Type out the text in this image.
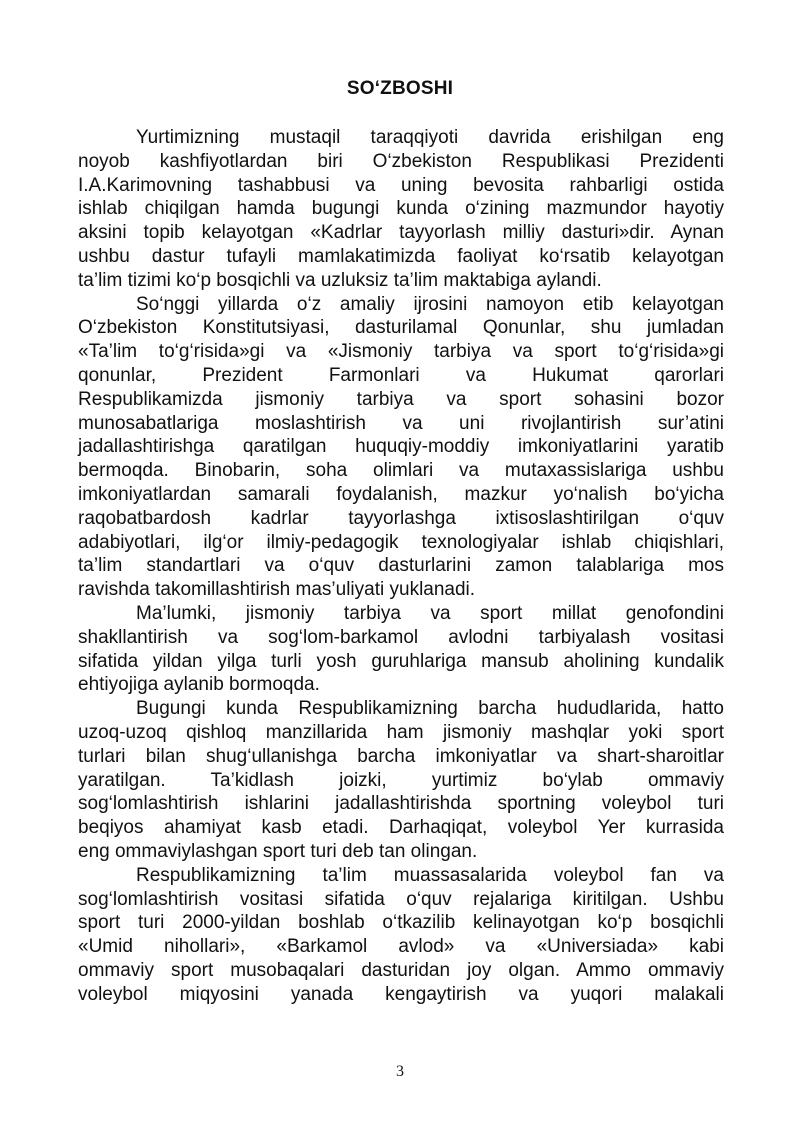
SO‘ZBOSHI
Yurtimizning mustaqil taraqqiyoti davrida erishilgan eng
noyob kashfiyotlardan biri O‘zbekiston Respublikasi Prezidenti
I.A.Karimovning tashabbusi va uning bevosita rahbarligi ostida
ishlab chiqilgan hamda bugungi kunda o‘zining mazmundor hayotiy
aksini topib kelayotgan «Kadrlar tayyorlash milliy dasturi»dir. Aynan
ushbu dastur tufayli mamlakatimizda faoliyat ko‘rsatib kelayotgan
ta’lim tizimi ko‘p bosqichli va uzluksiz ta’lim maktabiga aylandi.
So‘nggi yillarda o‘z amaliy ijrosini namoyon etib kelayotgan
O‘zbekiston Konstitutsiyasi, dasturilamal Qonunlar, shu jumladan
«Ta’lim to‘g‘risida»gi va «Jismoniy tarbiya va sport to‘g‘risida»gi
qonunlar, Prezident Farmonlari va Hukumat qarorlari
Respublikamizda jismoniy tarbiya va sport sohasini bozor
munosabatlariga moslashtirish va uni rivojlantirish sur’atini
jadallashtirishga qaratilgan huquqiy-moddiy imkoniyatlarini yaratib
bermoqda. Binobarin, soha olimlari va mutaxassislariga ushbu
imkoniyatlardan samarali foydalanish, mazkur yo‘nalish bo‘yicha
raqobatbardosh kadrlar tayyorlashga ixtisoslashtirilgan o‘quv
adabiyotlari, ilg‘or ilmiy-pedagogik texnologiyalar ishlab chiqishlari,
ta’lim standartlari va o‘quv dasturlarini zamon talablariga mos
ravishda takomillashtirish mas’uliyati yuklanadi.
Ma’lumki, jismoniy tarbiya va sport millat genofondini
shakllantirish va sog‘lom-barkamol avlodni tarbiyalash vositasi
sifatida yildan yilga turli yosh guruhlariga mansub aholining kundalik
ehtiyojiga aylanib bormoqda.
Bugungi kunda Respublikamizning barcha hududlarida, hatto
uzoq-uzoq qishloq manzillarida ham jismoniy mashqlar yoki sport
turlari bilan shug‘ullanishga barcha imkoniyatlar va shart-sharoitlar
yaratilgan. Ta’kidlash joizki, yurtimiz bo‘ylab ommaviy
sog‘lomlashtirish ishlarini jadallashtirishda sportning voleybol turi
beqiyos ahamiyat kasb etadi. Darhaqiqat, voleybol Yer kurrasida
eng ommaviylashgan sport turi deb tan olingan.
Respublikamizning ta’lim muassasalarida voleybol fan va
sog‘lomlashtirish vositasi sifatida o‘quv rejalariga kiritilgan. Ushbu
sport turi 2000-yildan boshlab o‘tkazilib kelinayotgan ko‘p bosqichli
«Umid nihollari», «Barkamol avlod» va «Universiada» kabi
ommaviy sport musobaqalari dasturidan joy olgan. Ammo ommaviy
voleybol miqyosini yanada kengaytirish va yuqori malakali
3
